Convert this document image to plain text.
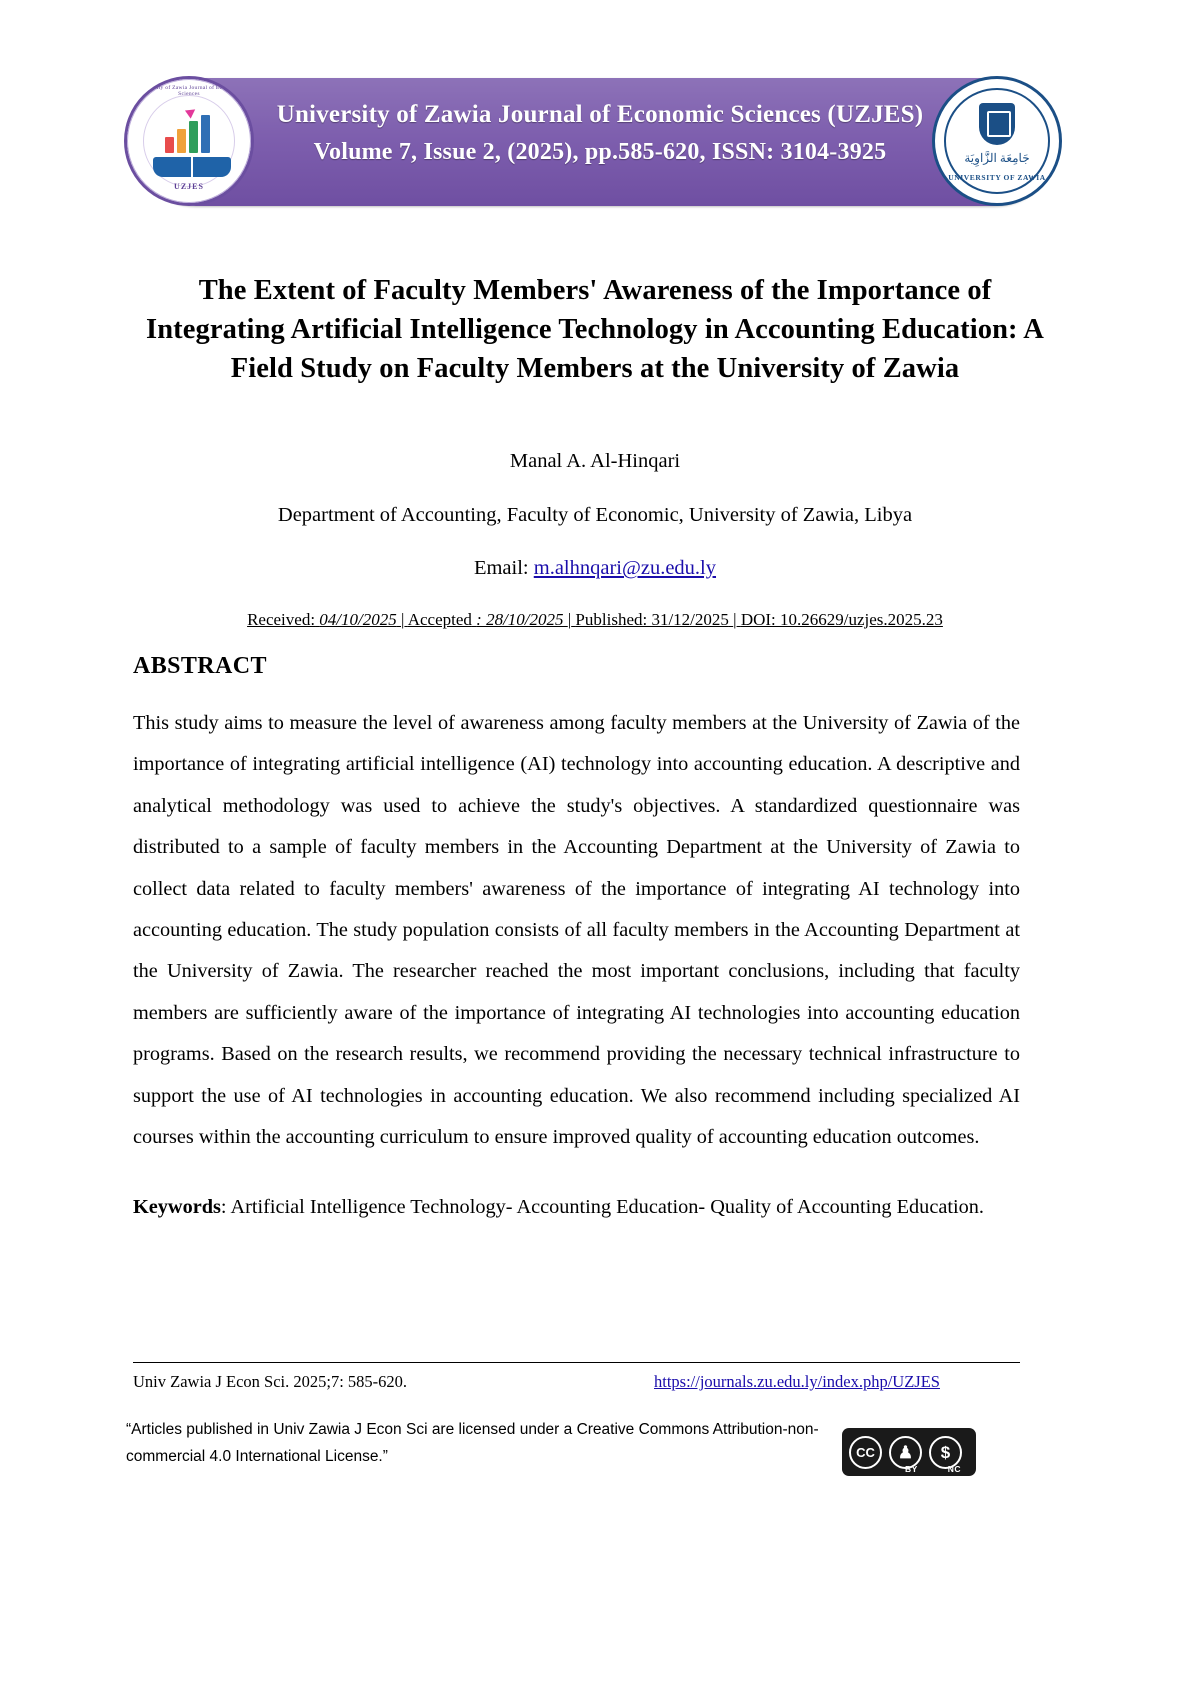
University of Zawia Journal of Economic Sciences
UZJES
University of Zawia Journal of Economic Sciences (UZJES)
Volume 7, Issue 2, (2025), pp.585-620, ISSN: 3104-3925	جَامِعَة الزَّاوِيَة
UNIVERSITY OF ZAWIA
The Extent of Faculty Members' Awareness of the Importance of Integrating Artificial Intelligence Technology in Accounting Education: A Field Study on Faculty Members at the University of Zawia
Manal A. Al-Hinqari
Department of Accounting, Faculty of Economic, University of Zawia, Libya
Email: m.alhnqari@zu.edu.ly
Received: 04/10/2025 | Accepted : 28/10/2025 | Published: 31/12/2025 | DOI: 10.26629/uzjes.2025.23
ABSTRACT
This study aims to measure the level of awareness among faculty members at the University of Zawia of the importance of integrating artificial intelligence (AI) technology into accounting education. A descriptive and analytical methodology was used to achieve the study's objectives. A standardized questionnaire was distributed to a sample of faculty members in the Accounting Department at the University of Zawia to collect data related to faculty members' awareness of the importance of integrating AI technology into accounting education. The study population consists of all faculty members in the Accounting Department at the University of Zawia. The researcher reached the most important conclusions, including that faculty members are sufficiently aware of the importance of integrating AI technologies into accounting education programs. Based on the research results, we recommend providing the necessary technical infrastructure to support the use of AI technologies in accounting education. We also recommend including specialized AI courses within the accounting curriculum to ensure improved quality of accounting education outcomes.
Keywords: Artificial Intelligence Technology- Accounting Education- Quality of Accounting Education.
Univ Zawia J Econ Sci. 2025;7: 585-620.	https://journals.zu.edu.ly/index.php/UZJES
“Articles published in Univ Zawia J Econ Sci are licensed under a Creative Commons Attribution-non-commercial 4.0 International License.”	CC	♟ $
BY	NC
